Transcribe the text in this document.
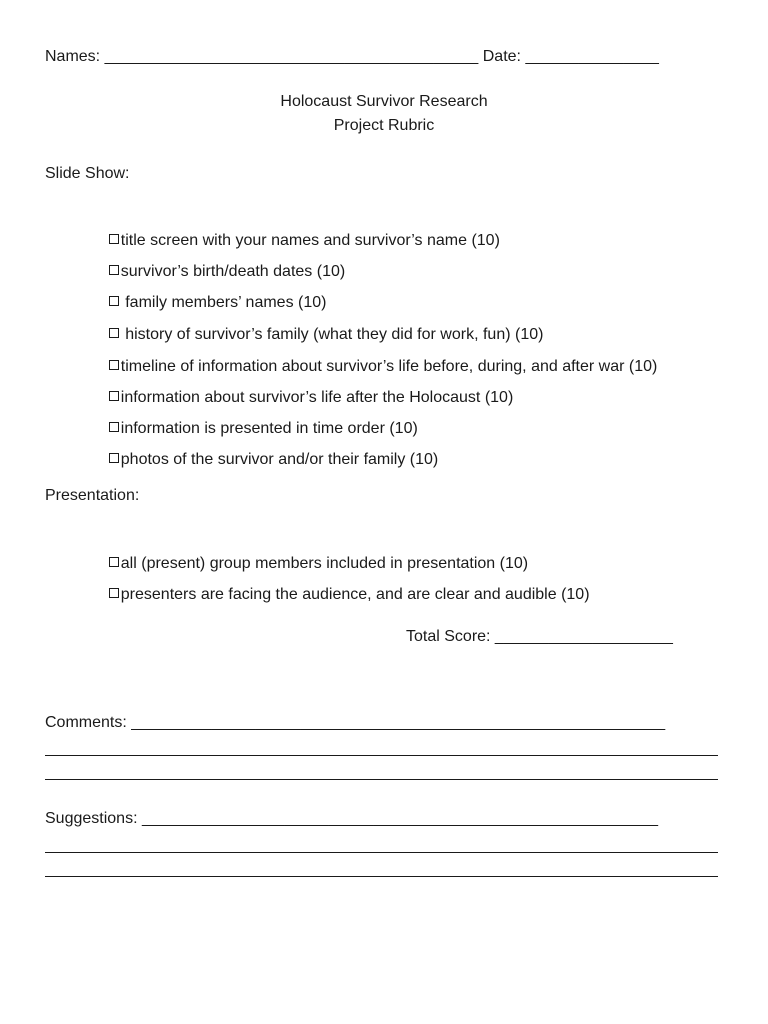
Names: __________________________________________ Date: _______________
Holocaust Survivor Research
Project Rubric
Slide Show:

title screen with your names and survivor’s name (10)

survivor’s birth/death dates (10)

family members’ names (10)

history of survivor’s family (what they did for work, fun) (10)

timeline of information about survivor’s life before, during, and after war (10)

information about survivor’s life after the Holocaust (10)

information is presented in time order (10)

photos of the survivor and/or their family (10)

Presentation:

all (present) group members included in presentation (10)

presenters are facing the audience, and are clear and audible (10)

Total Score: ____________________
Comments: ____________________________________________________________
Suggestions: __________________________________________________________
